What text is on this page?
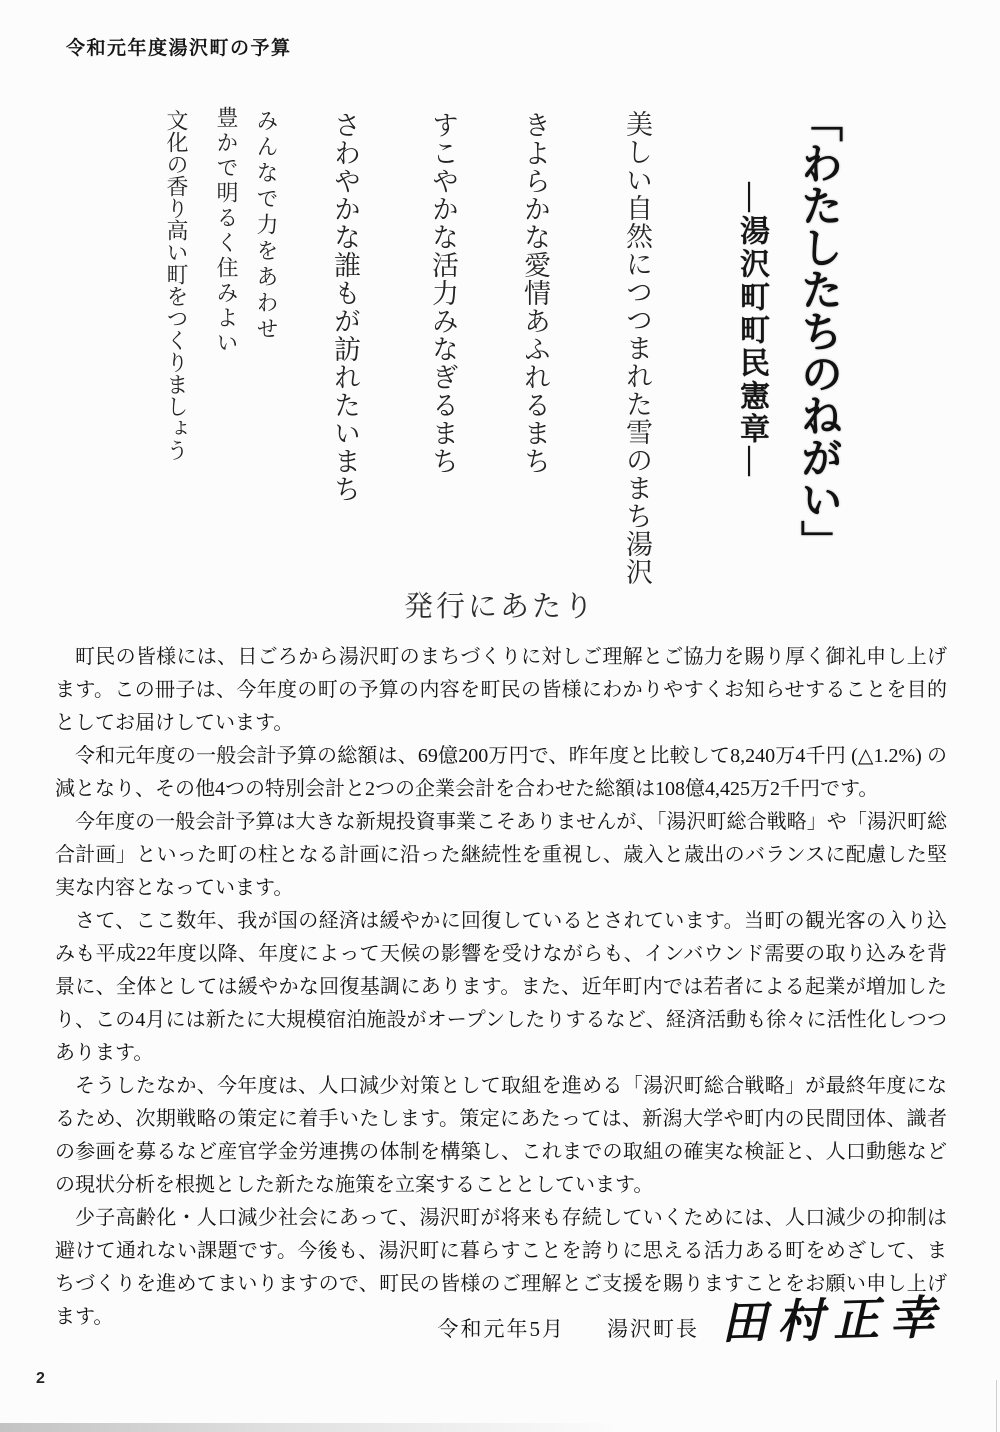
令和元年度湯沢町の予算
「わたしたちのねがい」
―湯沢町町民憲章―
美しい自然につつまれた雪のまち湯沢
きよらかな愛情あふれるまち
すこやかな活力みなぎるまち
さわやかな誰もが訪れたいまち
みんなで力をあわせ
豊かで明るく住みよい
文化の香り高い町をつくりましょう
発行にあたり

町民の皆様には、日ごろから湯沢町のまちづくりに対しご理解とご協力を賜り厚く御礼申し上げます。この冊子は、今年度の町の予算の内容を町民の皆様にわかりやすくお知らせすることを目的としてお届けしています。

令和元年度の一般会計予算の総額は、69億200万円で、昨年度と比較して8,240万4千円 (△1.2%) の減となり、その他4つの特別会計と2つの企業会計を合わせた総額は108億4,425万2千円です。

今年度の一般会計予算は大きな新規投資事業こそありませんが、「湯沢町総合戦略」や「湯沢町総合計画」といった町の柱となる計画に沿った継続性を重視し、歳入と歳出のバランスに配慮した堅実な内容となっています。

さて、ここ数年、我が国の経済は緩やかに回復しているとされています。当町の観光客の入り込みも平成22年度以降、年度によって天候の影響を受けながらも、インバウンド需要の取り込みを背景に、全体としては緩やかな回復基調にあります。また、近年町内では若者による起業が増加したり、この4月には新たに大規模宿泊施設がオープンしたりするなど、経済活動も徐々に活性化しつつあります。

そうしたなか、今年度は、人口減少対策として取組を進める「湯沢町総合戦略」が最終年度になるため、次期戦略の策定に着手いたします。策定にあたっては、新潟大学や町内の民間団体、識者の参画を募るなど産官学金労連携の体制を構築し、これまでの取組の確実な検証と、人口動態などの現状分析を根拠とした新たな施策を立案することとしています。

少子高齢化・人口減少社会にあって、湯沢町が将来も存続していくためには、人口減少の抑制は避けて通れない課題です。今後も、湯沢町に暮らすことを誇りに思える活力ある町をめざして、まちづくりを進めてまいりますので、町民の皆様のご理解とご支援を賜りますことをお願い申し上げます。	令和元年5月 湯沢町長 田村正幸
2
